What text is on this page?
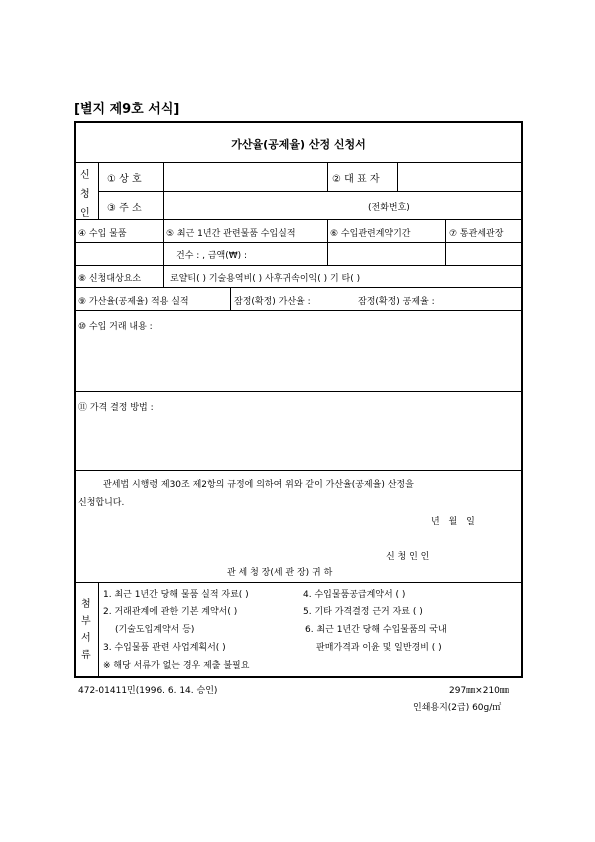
[별지 제9호 서식]
가산율(공제율) 산정 신청서
신
청
인
① 상 호	② 대 표 자
③ 주 소	(전화번호)
④ 수입 물품	⑤ 최근 1년간 관련물품 수입실적	⑥ 수입관련계약기간	⑦ 통관세관장
건수 : , 금액(₩) :
⑧ 신청대상요소	로얄티( ) 기술용역비( ) 사후귀속이익( ) 기 타( )
⑨ 가산율(공제율) 적용 실적	잠정(확정) 가산율 :	잠정(확정) 공제율 :
⑩ 수입 거래 내용 :
⑪ 가격 결정 방법 :
관세법 시행령 제30조 제2항의 규정에 의하여 위와 같이 가산율(공제율) 산정을
신청합니다.
년 월 일
신 청 인 인
관 세 청 장(세 관 장) 귀 하
첨
부
서
류
1. 최근 1년간 당해 물품 실적 자료( )	4. 수입물품공급계약서 ( )
2. 거래관계에 관한 기본 계약서( )	5. 기타 가격결정 근거 자료 ( )
(기술도입계약서 등)	6. 최근 1년간 당해 수입물품의 국내
3. 수입물품 관련 사업계획서( )	판매가격과 이윤 및 일반경비 ( )
※ 해당 서류가 없는 경우 제출 불필요
472-01411민(1996. 6. 14. 승인)	297㎜×210㎜
인쇄용지(2급) 60g/㎡
